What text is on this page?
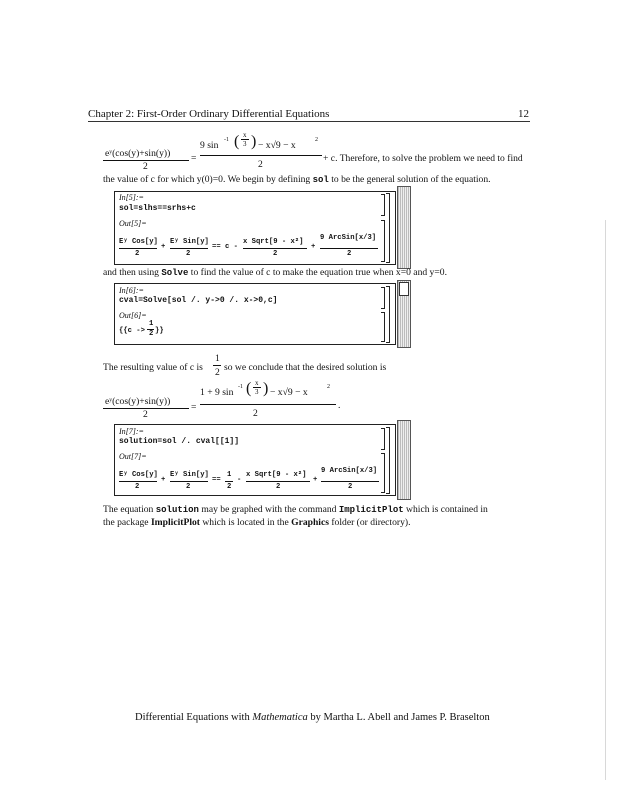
Chapter 2: First-Order Ordinary Differential Equations	12
eʸ(cos(y)+sin(y))
2
=
9 sin -1 ( x
3 ) − x√9 − x	2
2
+ c. Therefore, to solve the problem we need to find
the value of c for which y(0)=0. We begin by defining sol to be the general solution of the equation.
In[5]:=
sol=slhs==srhs+c
Out[5]=
Eʸ Cos[y]
2
+
Eʸ Sin[y]
2
== c -
x Sqrt[9 - x²]
2
+
9 ArcSin[x/3]
2
and then using Solve to find the value of c to make the equation true when x=0 and y=0.
In[6]:=
cval=Solve[sol /. y->0 /. x->0,c]
Out[6]=
{{c ->
1
2 }}
The resulting value of c is
1
2 so we conclude that the desired solution is
eʸ(cos(y)+sin(y))
2
=
1 + 9 sin -1 ( x
3 ) − x√9 − x	2
2
.
In[7]:=
solution=sol /. cval[[1]]
Out[7]=
Eʸ Cos[y]
2
+
Eʸ Sin[y]
2
==
1
2
-
x Sqrt[9 - x²]
2
+
9 ArcSin[x/3]
2
The equation solution may be graphed with the command ImplicitPlot which is contained in
the package ImplicitPlot which is located in the Graphics folder (or directory).
Differential Equations with Mathematica by Martha L. Abell and James P. Braselton
